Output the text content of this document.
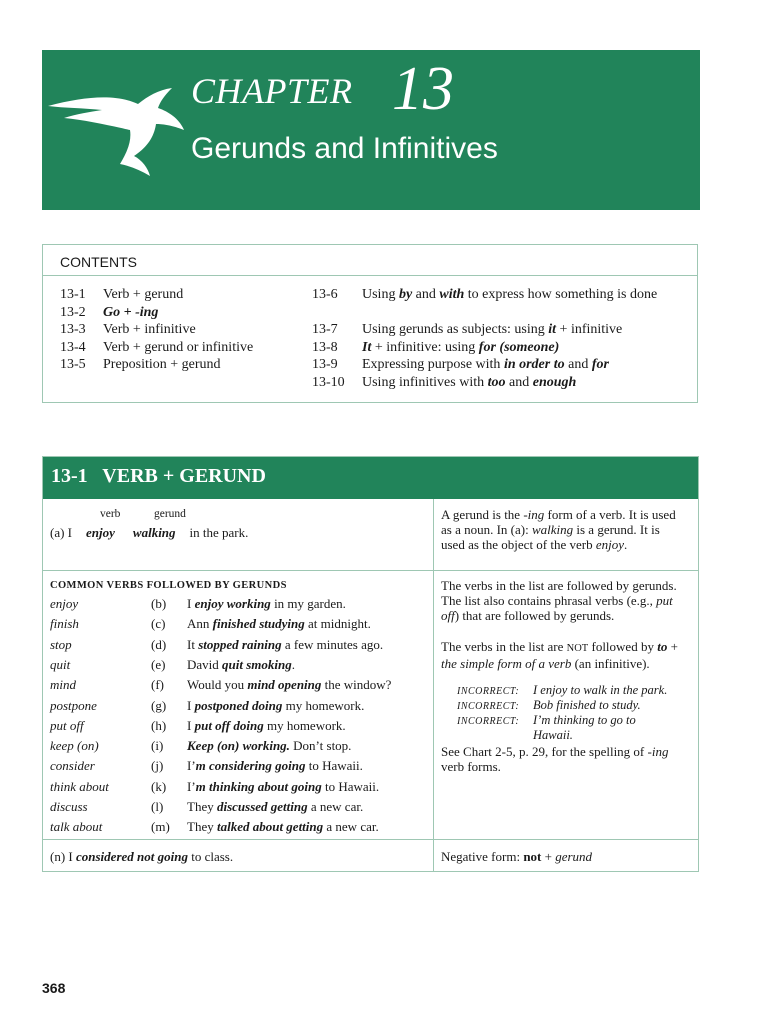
CHAPTER 13
Gerunds and Infinitives
CONTENTS
13-1 Verb + gerund
13-2 Go + -ing
13-3 Verb + infinitive
13-4 Verb + gerund or infinitive
13-5 Preposition + gerund
13-6 Using by and with to express how something is done
13-7 Using gerunds as subjects: using it + infinitive
13-8 It + infinitive: using for (someone)
13-9 Expressing purpose with in order to and for
13-10 Using infinitives with too and enough
13-1   VERB + GERUND
verb	gerund
(a) I enjoy walking in the park.
A gerund is the -ing form of a verb. It is used as a noun. In (a): walking is a gerund. It is used as the object of the verb enjoy.
COMMON VERBS FOLLOWED BY GERUNDS
enjoy	(b) I enjoy working in my garden.
finish	(c) Ann finished studying at midnight.
stop	(d) It stopped raining a few minutes ago.
quit	(e) David quit smoking.
mind	(f) Would you mind opening the window?
postpone	(g) I postponed doing my homework.
put off	(h) I put off doing my homework.
keep (on)	(i) Keep (on) working. Don’t stop.
consider	(j) I’m considering going to Hawaii.
think about	(k) I’m thinking about going to Hawaii.
discuss	(l) They discussed getting a new car.
talk about	(m) They talked about getting a new car.
The verbs in the list are followed by gerunds. The list also contains phrasal verbs (e.g., put off) that are followed by gerunds.
The verbs in the list are NOT followed by to + the simple form of a verb (an infinitive).
INCORRECT: I enjoy to walk in the park.
INCORRECT: Bob finished to study.
INCORRECT: I’m thinking to go to
Hawaii.
See Chart 2-5, p. 29, for the spelling of -ing verb forms.
(n) I considered not going to class.	Negative form: not + gerund
368
